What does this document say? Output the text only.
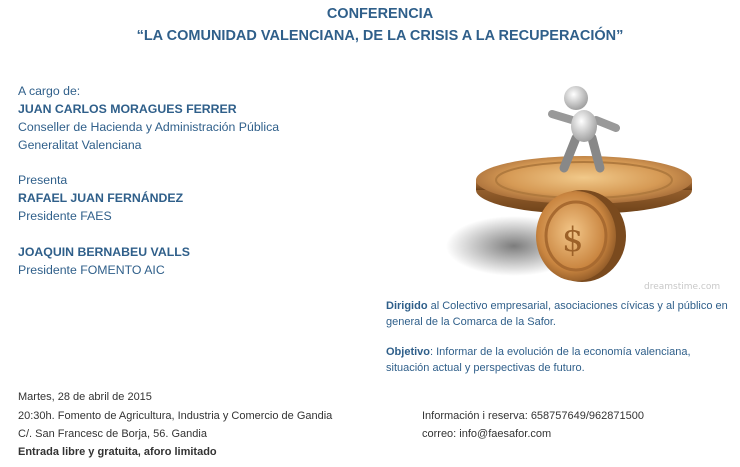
CONFERENCIA
“LA COMUNIDAD VALENCIANA, DE LA CRISIS A LA RECUPERACIÓN”
A cargo de:
JUAN CARLOS MORAGUES FERRER
Conseller de Hacienda y Administración Pública
Generalitat Valenciana
Presenta
RAFAEL JUAN FERNÁNDEZ
Presidente FAES
JOAQUIN BERNABEU VALLS
Presidente FOMENTO AIC
$
dreamstime.com
Dirigido al Colectivo empresarial, asociaciones cívicas y al público en
general de la Comarca de la Safor.
Objetivo: Informar de la evolución de la economía valenciana,
situación actual y perspectivas de futuro.
Martes, 28 de abril de 2015
20:30h. Fomento de Agricultura, Industria y Comercio de Gandia
C/. San Francesc de Borja, 56. Gandia
Entrada libre y gratuita, aforo limitado
Información i reserva: 658757649/962871500
correo: info@faesafor.com
